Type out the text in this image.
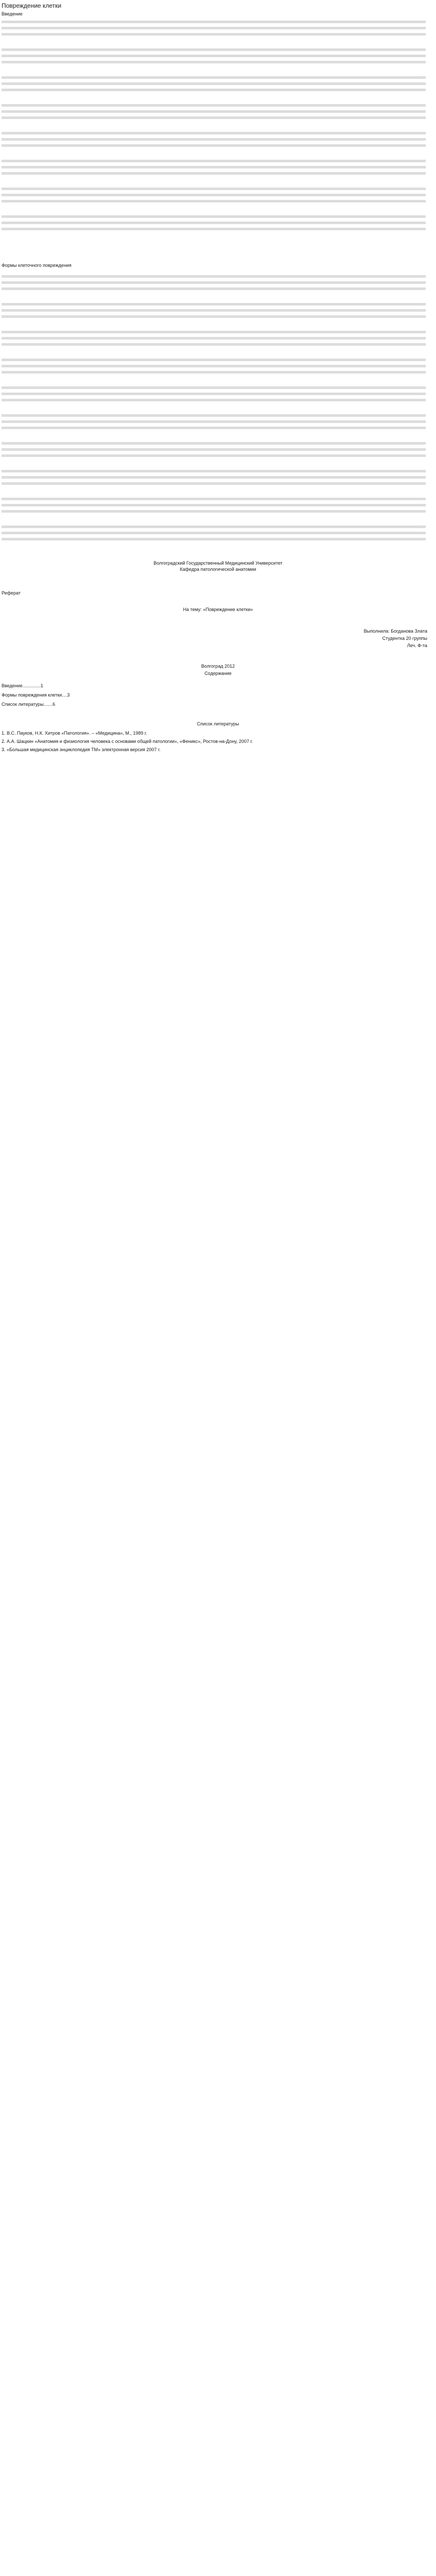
Повреждение клетки
Введение

Формы клеточного повреждения

Волгоградский Государственный Медицинский Университет

Кафедра патологической анатомии

Реферат

На тему: «Повреждение клетки»

Выполнила: Богданова Злата
Студентка 20 группы
Леч. Ф-та
Волгоград 2012
Содержание
Введение..............1
Формы повреждения клетки....3
Список литературы.......6
Список литературы
1. В.С. Пауков, Н.К. Хитров «Патология». – «Медицина», М., 1989 г.
2. А.А. Шацкин «Анатомия и физиология человека с основами общей патологии», «Феникс», Ростов-на-Дону, 2007 г.
3. «Большая медицинская энциклопедия ТМ» электронная версия 2007 г.
